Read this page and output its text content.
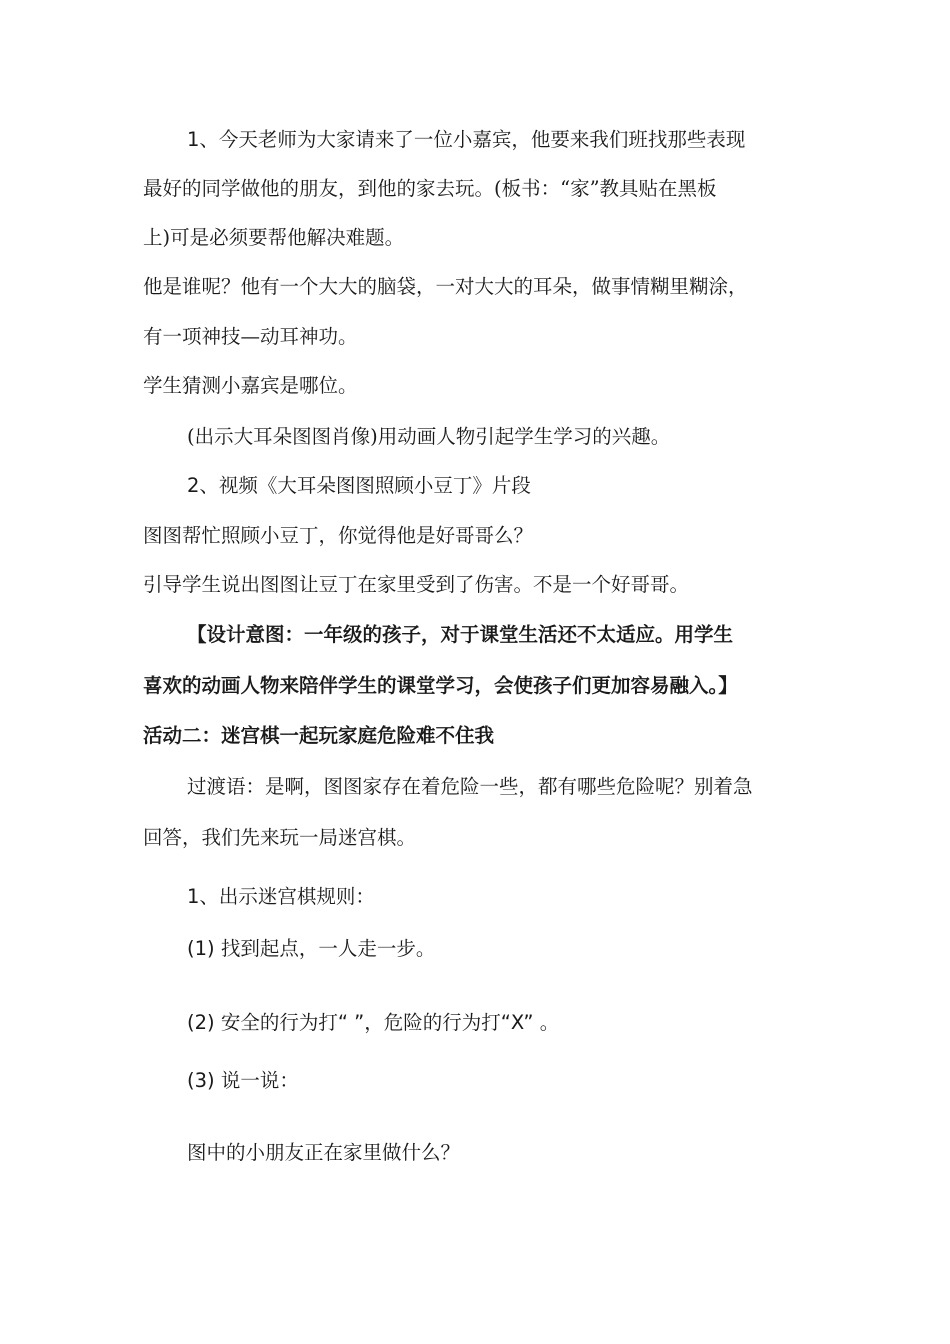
1、今天老师为大家请来了一位小嘉宾，他要来我们班找那些表现
最好的同学做他的朋友，到他的家去玩。(板书：“家”教具贴在黑板
上)可是必须要帮他解决难题。
他是谁呢？他有一个大大的脑袋，一对大大的耳朵，做事情糊里糊涂，
有一项神技—动耳神功。
学生猜测小嘉宾是哪位。
(出示大耳朵图图肖像)用动画人物引起学生学习的兴趣。
2、视频《大耳朵图图照顾小豆丁》片段
图图帮忙照顾小豆丁，你觉得他是好哥哥么？
引导学生说出图图让豆丁在家里受到了伤害。不是一个好哥哥。
【设计意图：一年级的孩子，对于课堂生活还不太适应。用学生
喜欢的动画人物来陪伴学生的课堂学习，会使孩子们更加容易融入。】
活动二：迷宫棋一起玩家庭危险难不住我
过渡语：是啊，图图家存在着危险一些，都有哪些危险呢？别着急
回答，我们先来玩一局迷宫棋。
1、出示迷宫棋规则：
(1) 找到起点，一人走一步。
(2) 安全的行为打“ ”，危险的行为打“X” 。
(3) 说一说：
图中的小朋友正在家里做什么？
